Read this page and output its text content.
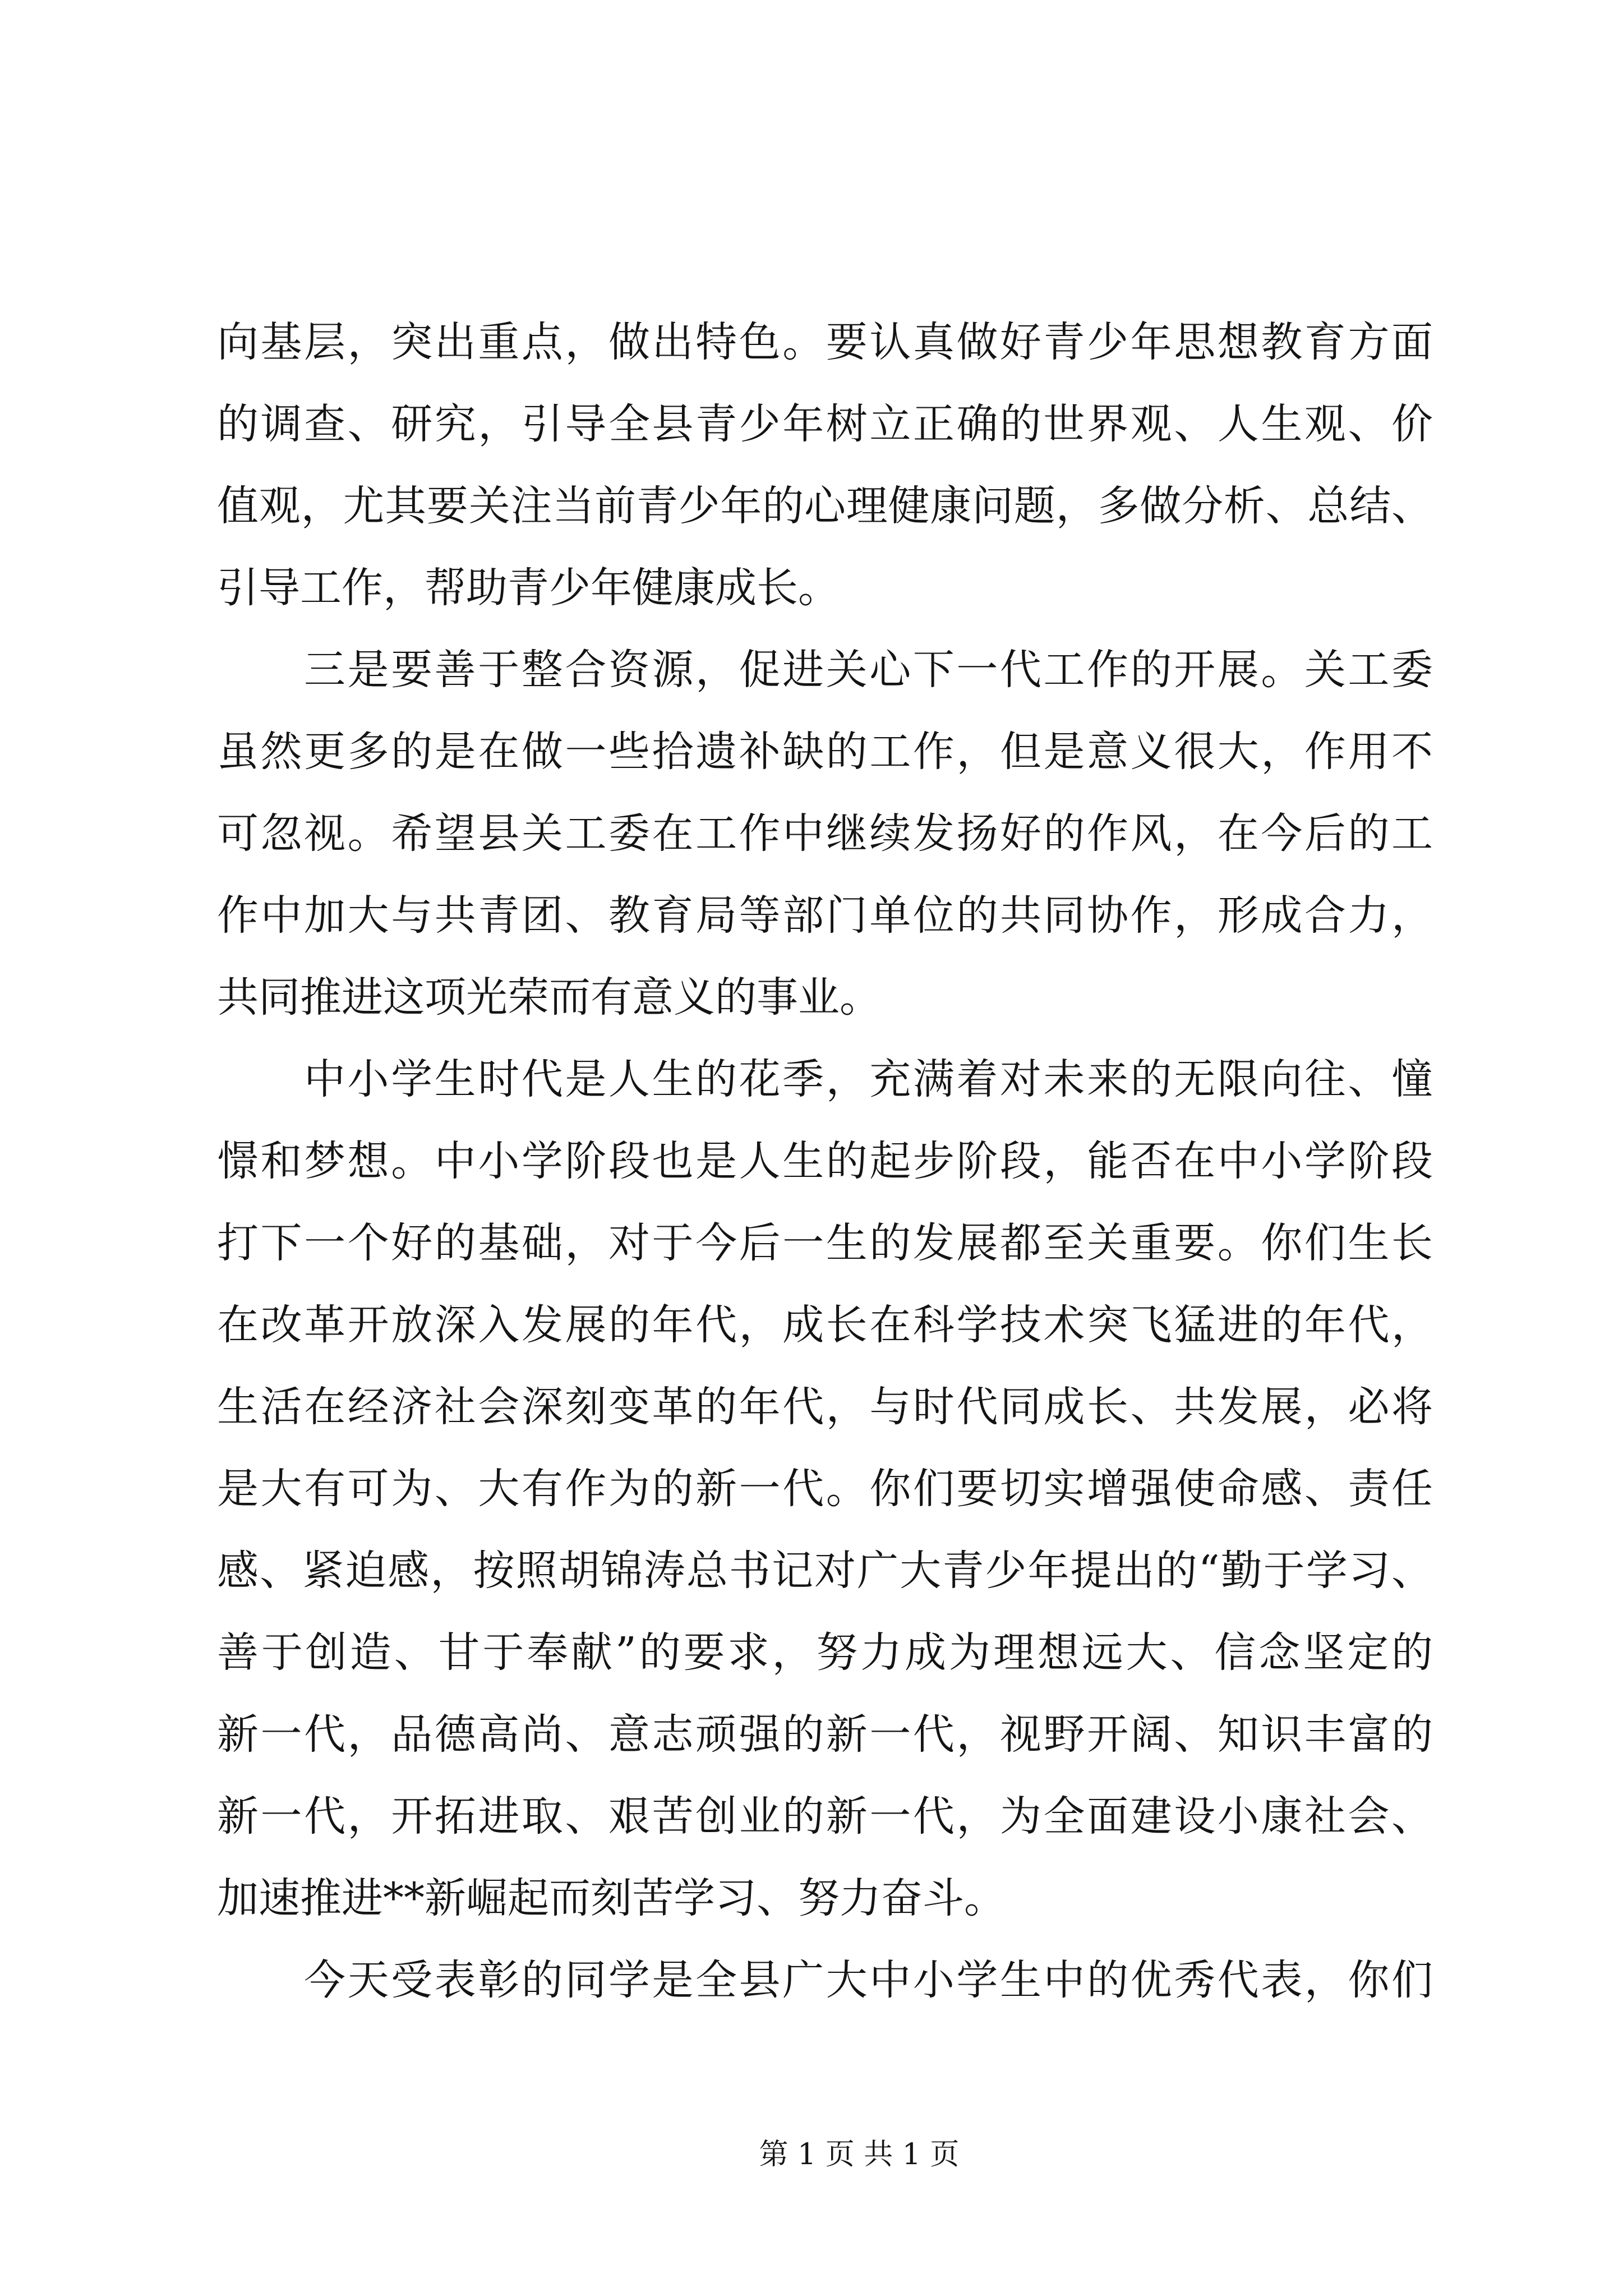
向基层，突出重点，做出特色。要认真做好青少年思想教育方面
的调查、研究，引导全县青少年树立正确的世界观、人生观、价
值观，尤其要关注当前青少年的心理健康问题，多做分析、总结、
引导工作，帮助青少年健康成长。
三是要善于整合资源，促进关心下一代工作的开展。关工委
虽然更多的是在做一些拾遗补缺的工作，但是意义很大，作用不
可忽视。希望县关工委在工作中继续发扬好的作风，在今后的工
作中加大与共青团、教育局等部门单位的共同协作，形成合力，
共同推进这项光荣而有意义的事业。
中小学生时代是人生的花季，充满着对未来的无限向往、憧
憬和梦想。中小学阶段也是人生的起步阶段，能否在中小学阶段
打下一个好的基础，对于今后一生的发展都至关重要。你们生长
在改革开放深入发展的年代，成长在科学技术突飞猛进的年代，
生活在经济社会深刻变革的年代，与时代同成长、共发展，必将
是大有可为、大有作为的新一代。你们要切实增强使命感、责任
感、紧迫感，按照胡锦涛总书记对广大青少年提出的“勤于学习、
善于创造、甘于奉献”的要求，努力成为理想远大、信念坚定的
新一代，品德高尚、意志顽强的新一代，视野开阔、知识丰富的
新一代，开拓进取、艰苦创业的新一代，为全面建设小康社会、
加速推进**新崛起而刻苦学习、努力奋斗。
今天受表彰的同学是全县广大中小学生中的优秀代表，你们
第 1 页 共 1 页
